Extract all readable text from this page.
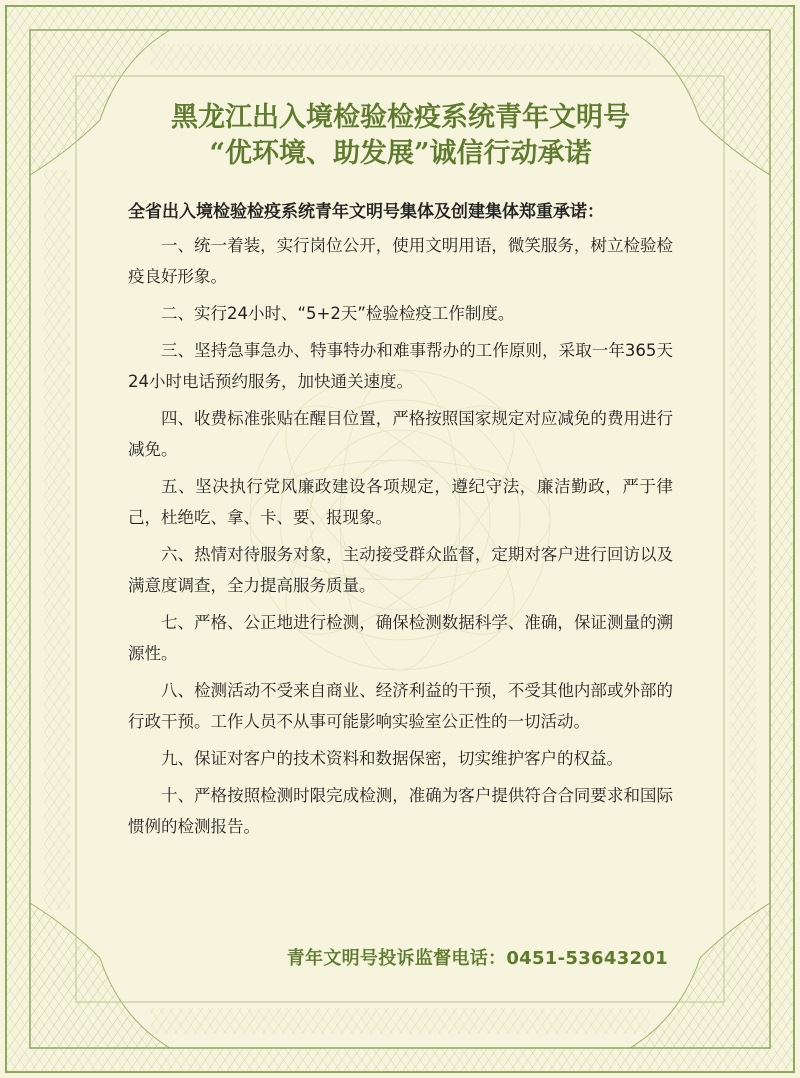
黑龙江出入境检验检疫系统青年文明号
“优环境、助发展”诚信行动承诺
全省出入境检验检疫系统青年文明号集体及创建集体郑重承诺：
一、统一着装，实行岗位公开，使用文明用语，微笑服务，树立检验检疫良好形象。
二、实行24小时、“5+2天”检验检疫工作制度。
三、坚持急事急办、特事特办和难事帮办的工作原则，采取一年365天24小时电话预约服务，加快通关速度。
四、收费标准张贴在醒目位置，严格按照国家规定对应减免的费用进行减免。
五、坚决执行党风廉政建设各项规定，遵纪守法，廉洁勤政，严于律己，杜绝吃、拿、卡、要、报现象。
六、热情对待服务对象，主动接受群众监督，定期对客户进行回访以及满意度调查，全力提高服务质量。
七、严格、公正地进行检测，确保检测数据科学、准确，保证测量的溯源性。
八、检测活动不受来自商业、经济利益的干预，不受其他内部或外部的行政干预。工作人员不从事可能影响实验室公正性的一切活动。
九、保证对客户的技术资料和数据保密，切实维护客户的权益。
十、严格按照检测时限完成检测，准确为客户提供符合合同要求和国际惯例的检测报告。
青年文明号投诉监督电话：0451-53643201
